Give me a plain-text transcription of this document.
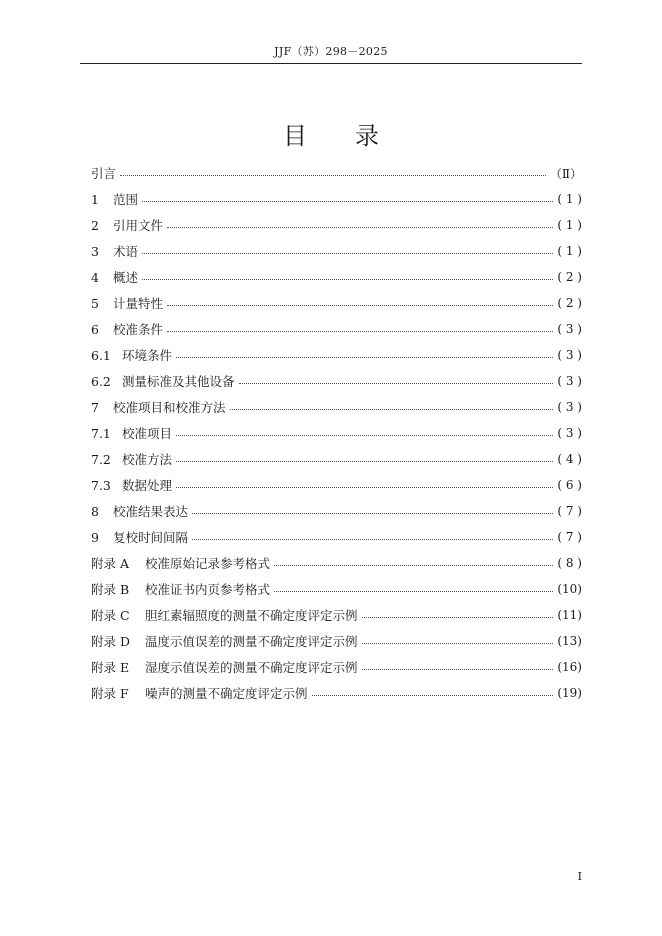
JJF（苏）298－2025
目　　录
引言	（Ⅱ）
1 范围	( 1 )
2 引用文件	( 1 )
3 术语	( 1 )
4 概述	( 2 )
5 计量特性	( 2 )
6 校准条件	( 3 )
6.1 环境条件	( 3 )
6.2 测量标准及其他设备	( 3 )
7 校准项目和校准方法	( 3 )
7.1 校准项目	( 3 )
7.2 校准方法	( 4 )
7.3 数据处理	( 6 )
8 校准结果表达	( 7 )
9 复校时间间隔	( 7 )
附录 A 校准原始记录参考格式	( 8 )
附录 B 校准证书内页参考格式	(10)
附录 C 胆红素辐照度的测量不确定度评定示例	(11)
附录 D 温度示值误差的测量不确定度评定示例	(13)
附录 E 湿度示值误差的测量不确定度评定示例	(16)
附录 F 噪声的测量不确定度评定示例	(19)
I
